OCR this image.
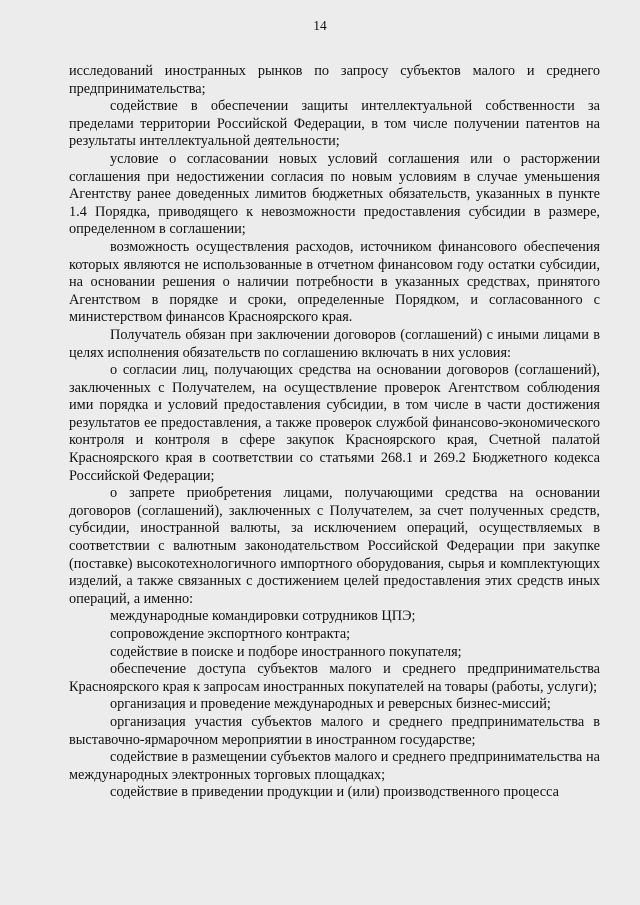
14

исследований иностранных рынков по запросу субъектов малого и среднего предпринимательства;

содействие в обеспечении защиты интеллектуальной собственности за пределами территории Российской Федерации, в том числе получении патентов на результаты интеллектуальной деятельности;

условие о согласовании новых условий соглашения или о расторжении соглашения при недостижении согласия по новым условиям в случае уменьшения Агентству ранее доведенных лимитов бюджетных обязательств, указанных в пункте 1.4 Порядка, приводящего к невозможности предоставления субсидии в размере, определенном в соглашении;

возможность осуществления расходов, источником финансового обеспечения которых являются не использованные в отчетном финансовом году остатки субсидии, на основании решения о наличии потребности в указанных средствах, принятого Агентством в порядке и сроки, определенные Порядком, и согласованного с министерством финансов Красноярского края.

Получатель обязан при заключении договоров (соглашений) с иными лицами в целях исполнения обязательств по соглашению включать в них условия:

о согласии лиц, получающих средства на основании договоров (соглашений), заключенных с Получателем, на осуществление проверок Агентством соблюдения ими порядка и условий предоставления субсидии, в том числе в части достижения результатов ее предоставления, а также проверок службой финансово-экономического контроля и контроля в сфере закупок Красноярского края, Счетной палатой Красноярского края в соответствии со статьями 268.1 и 269.2 Бюджетного кодекса Российской Федерации;

о запрете приобретения лицами, получающими средства на основании договоров (соглашений), заключенных с Получателем, за счет полученных средств, субсидии, иностранной валюты, за исключением операций, осуществляемых в соответствии с валютным законодательством Российской Федерации при закупке (поставке) высокотехнологичного импортного оборудования, сырья и комплектующих изделий, а также связанных с достижением целей предоставления этих средств иных операций, а именно:

международные командировки сотрудников ЦПЭ;

сопровождение экспортного контракта;

содействие в поиске и подборе иностранного покупателя;

обеспечение доступа субъектов малого и среднего предпринимательства Красноярского края к запросам иностранных покупателей на товары (работы, услуги);

организация и проведение международных и реверсных бизнес-миссий;

организация участия субъектов малого и среднего предпринимательства в выставочно-ярмарочном мероприятии в иностранном государстве;

содействие в размещении субъектов малого и среднего предпринимательства на международных электронных торговых площадках;

содействие в приведении продукции и (или) производственного процесса
